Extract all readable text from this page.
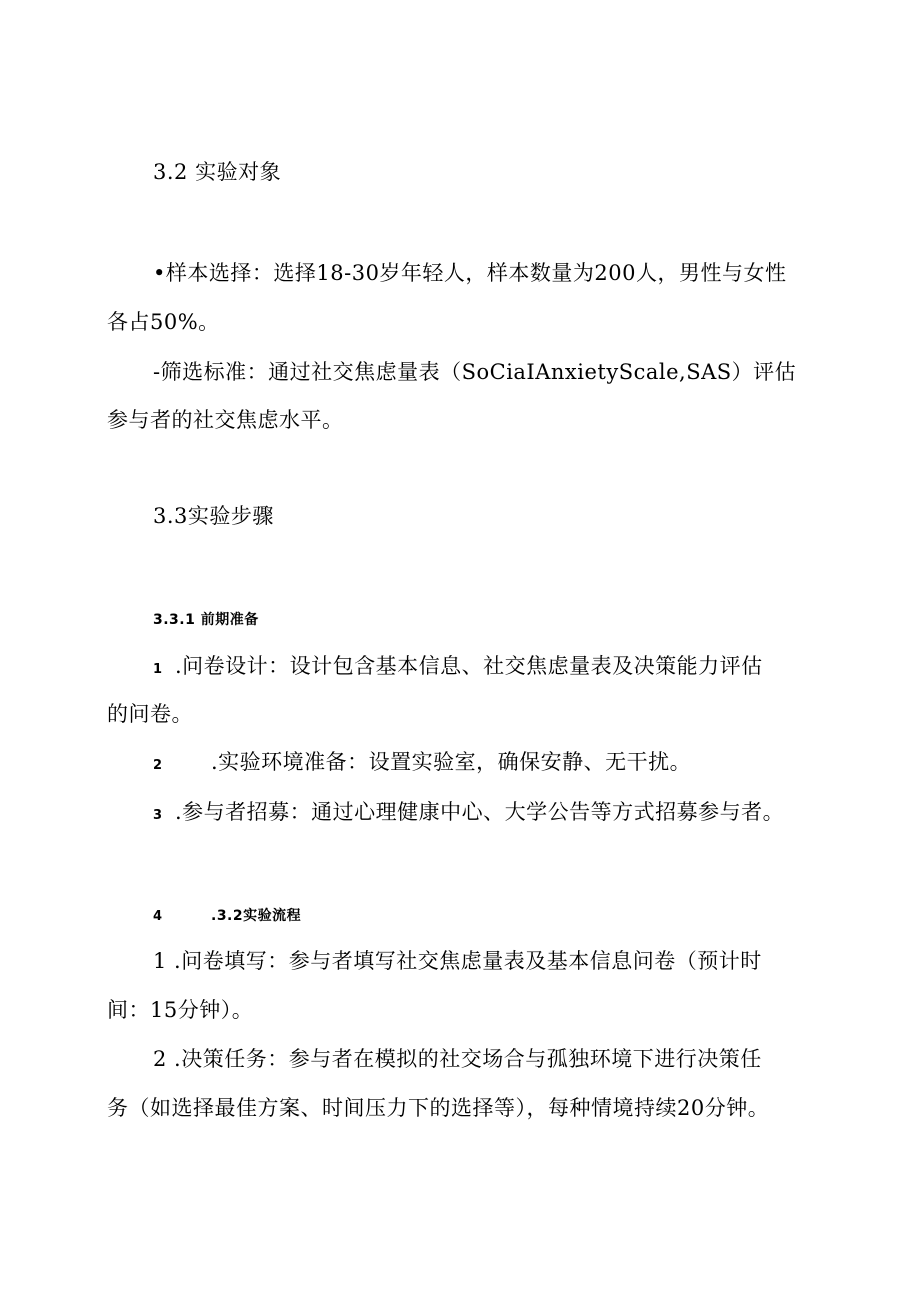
3.2 实验对象
•样本选择：选择18-30岁年轻人，样本数量为200人，男性与女性
各占50%。
-筛选标准：通过社交焦虑量表（SoCiaIAnxietyScale,SAS）评估
参与者的社交焦虑水平。
3.3实验步骤
3.3.1 前期准备
1 .问卷设计：设计包含基本信息、社交焦虑量表及决策能力评估
的问卷。
2 .实验环境准备：设置实验室，确保安静、无干扰。
3 .参与者招募：通过心理健康中心、大学公告等方式招募参与者。
4	.3.2实验流程
1 .问卷填写：参与者填写社交焦虑量表及基本信息问卷（预计时
间：15分钟）。
2 .决策任务：参与者在模拟的社交场合与孤独环境下进行决策任
务（如选择最佳方案、时间压力下的选择等），每种情境持续20分钟。
